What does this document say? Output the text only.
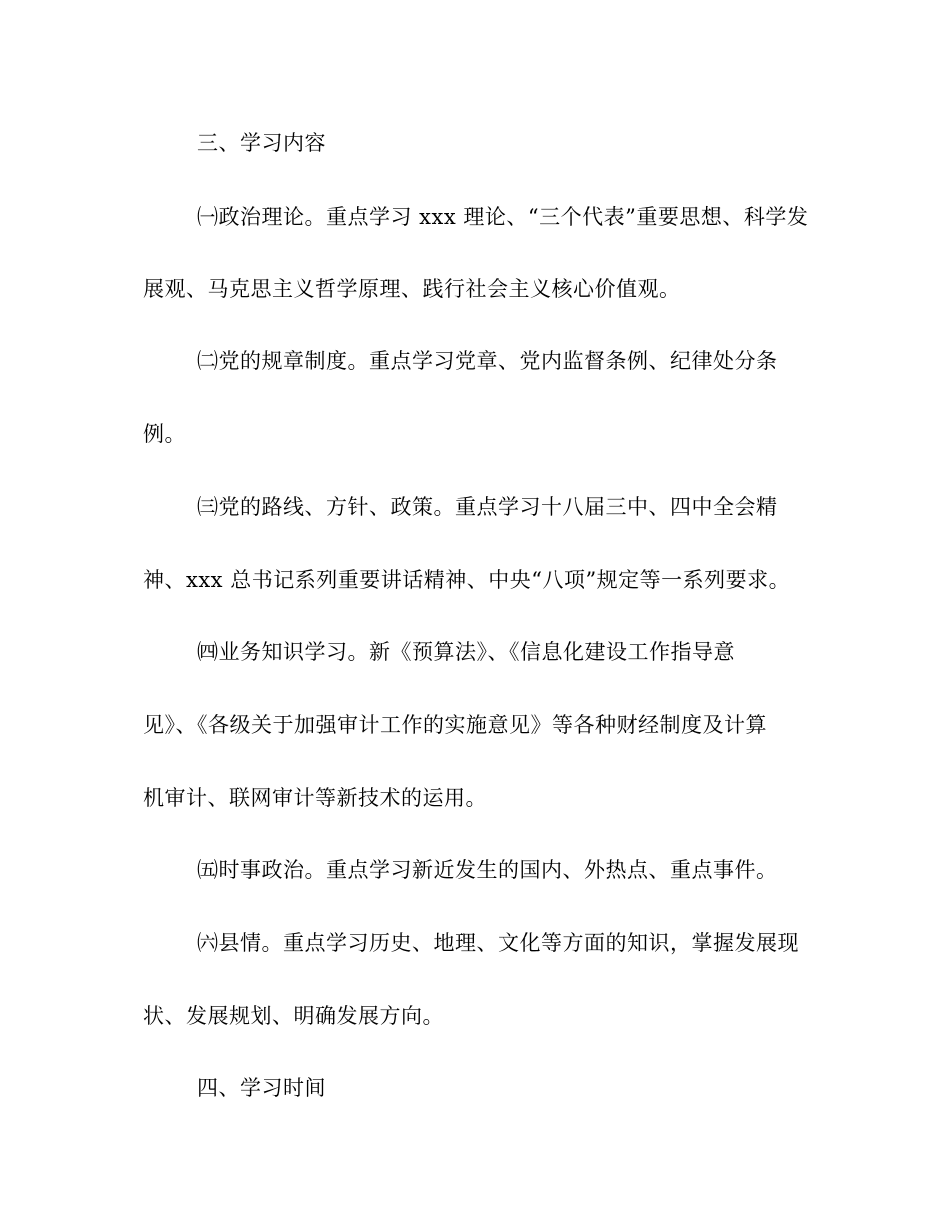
三、学习内容
㈠政治理论。重点学习 xxx 理论、“三个代表”重要思想、科学发
展观、马克思主义哲学原理、践行社会主义核心价值观。
㈡党的规章制度。重点学习党章、党内监督条例、纪律处分条
例。
㈢党的路线、方针、政策。重点学习十八届三中、四中全会精
神、xxx 总书记系列重要讲话精神、中央“八项”规定等一系列要求。
㈣业务知识学习。新《预算法》、《信息化建设工作指导意
见》、《各级关于加强审计工作的实施意见》等各种财经制度及计算
机审计、联网审计等新技术的运用。
㈤时事政治。重点学习新近发生的国内、外热点、重点事件。
㈥县情。重点学习历史、地理、文化等方面的知识，掌握发展现
状、发展规划、明确发展方向。
四、学习时间
